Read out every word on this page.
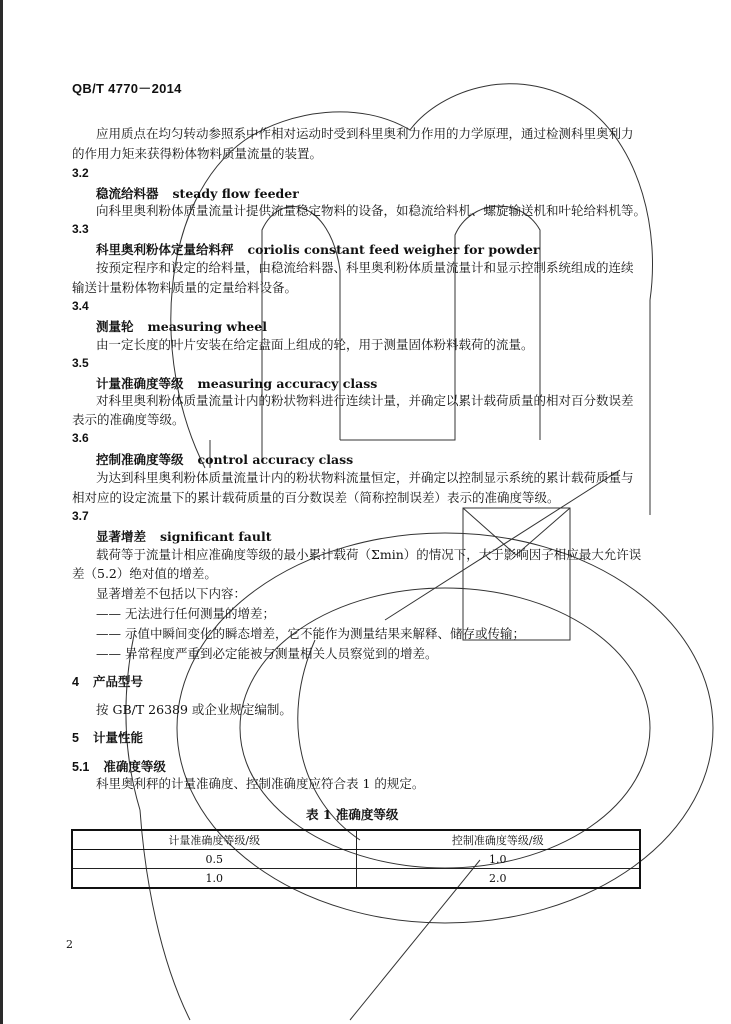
QB/T 4770－2014
应用质点在均匀转动参照系中作相对运动时受到科里奥利力作用的力学原理，通过检测科里奥利力
的作用力矩来获得粉体物料质量流量的装置。
3.2
稳流给料器 steady flow feeder
向科里奥利粉体质量流量计提供流量稳定物料的设备，如稳流给料机、螺旋输送机和叶轮给料机等。
3.3
科里奥利粉体定量给料秤 coriolis constant feed weigher for powder
按预定程序和设定的给料量，由稳流给料器、科里奥利粉体质量流量计和显示控制系统组成的连续
输送计量粉体物料质量的定量给料设备。
3.4
测量轮 measuring wheel
由一定长度的叶片安装在给定盘面上组成的轮，用于测量固体粉料载荷的流量。
3.5
计量准确度等级 measuring accuracy class
对科里奥利粉体质量流量计内的粉状物料进行连续计量，并确定以累计载荷质量的相对百分数误差
表示的准确度等级。
3.6
控制准确度等级 control accuracy class
为达到科里奥利粉体质量流量计内的粉状物料流量恒定，并确定以控制显示系统的累计载荷质量与
相对应的设定流量下的累计载荷质量的百分数误差（简称控制误差）表示的准确度等级。
3.7
显著增差 significant fault
载荷等于流量计相应准确度等级的最小累计载荷（Σmin）的情况下，大于影响因子相应最大允许误
差（5.2）绝对值的增差。
显著增差不包括以下内容：
—— 无法进行任何测量的增差；
—— 示值中瞬间变化的瞬态增差，它不能作为测量结果来解释、储存或传输；
—— 异常程度严重到必定能被与测量相关人员察觉到的增差。
4 产品型号
按 GB/T 26389 或企业规定编制。
5 计量性能
5.1 准确度等级
科里奥利秤的计量准确度、控制准确度应符合表 1 的规定。
表 1 准确度等级
计量准确度等级/级	控制准确度等级/级
0.5	1.0
1.0	2.0
2
